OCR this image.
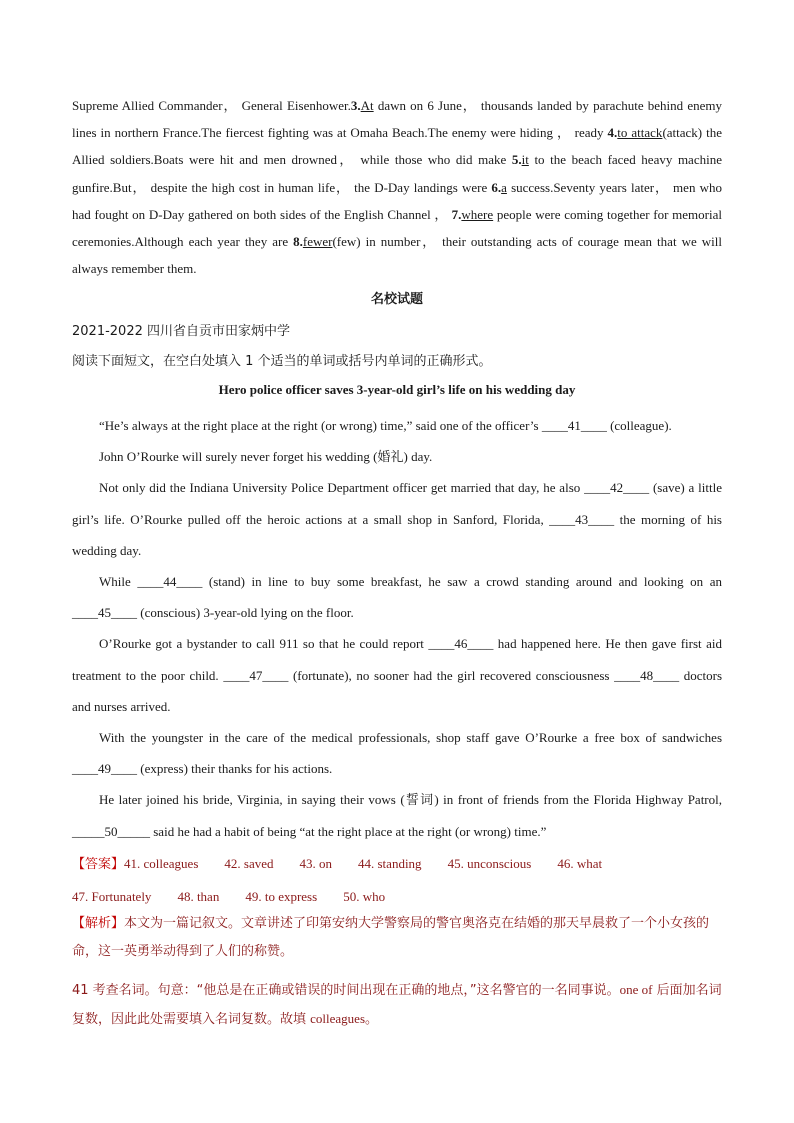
Supreme Allied Commander， General Eisenhower.3.At dawn on 6 June， thousands landed by parachute behind enemy lines in northern France.The fiercest fighting was at Omaha Beach.The enemy were hiding ， ready 4.to attack(attack) the Allied soldiers.Boats were hit and men drowned， while those who did make 5.it to the beach faced heavy machine gunfire.But， despite the high cost in human life， the D-Day landings were 6.a success.Seventy years later， men who had fought on D-Day gathered on both sides of the English Channel ， 7.where people were coming together for memorial ceremonies.Although each year they are 8.fewer(few) in number， their outstanding acts of courage mean that we will always remember them.

名校试题
2021-2022 四川省自贡市田家炳中学
阅读下面短文，在空白处填入 1 个适当的单词或括号内单词的正确形式。
Hero police officer saves 3-year-old girl’s life on his wedding day

“He’s always at the right place at the right (or wrong) time,” said one of the officer’s ____41____ (colleague).

John O’Rourke will surely never forget his wedding (婚礼) day.

Not only did the Indiana University Police Department officer get married that day, he also ____42____ (save) a little girl’s life. O’Rourke pulled off the heroic actions at a small shop in Sanford, Florida, ____43____ the morning of his wedding day.

While ____44____ (stand) in line to buy some breakfast, he saw a crowd standing around and looking on an ____45____ (conscious) 3-year-old lying on the floor.

O’Rourke got a bystander to call 911 so that he could report ____46____ had happened here. He then gave first aid treatment to the poor child. ____47____ (fortunate), no sooner had the girl recovered consciousness ____48____ doctors and nurses arrived.

With the youngster in the care of the medical professionals, shop staff gave O’Rourke a free box of sandwiches ____49____ (express) their thanks for his actions.

He later joined his bride, Virginia, in saying their vows (誓词) in front of friends from the Florida Highway Patrol, _____50_____ said he had a habit of being “at the right place at the right (or wrong) time.”

【答案】41. colleagues 42. saved 43. on 44. standing 45. unconscious 46. what47. Fortunately 48. than 49. to express 50. who

【解析】本文为一篇记叙文。文章讲述了印第安纳大学警察局的警官奥洛克在结婚的那天早晨救了一个小女孩的命，这一英勇举动得到了人们的称赞。

41 考查名词。句意：“他总是在正确或错误的时间出现在正确的地点，”这名警官的一名同事说。one of 后面加名词复数，因此此处需要填入名词复数。故填 colleagues。
